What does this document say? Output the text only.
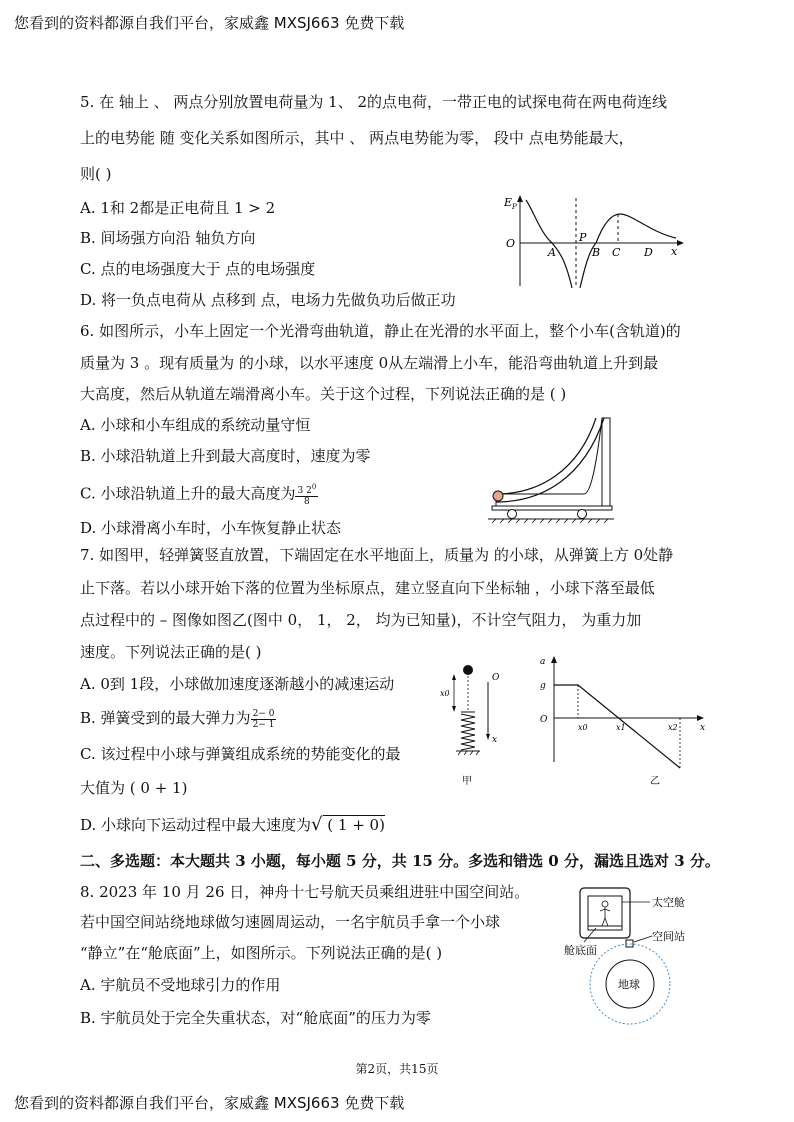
您看到的资料都源自我们平台，家威鑫 MXSJ663 免费下载
5. 在 轴上 、 两点分别放置电荷量为 1、 2的点电荷，一带正电的试探电荷在两电荷连线
上的电势能 随 变化关系如图所示，其中 、 两点电势能为零， 段中 点电势能最大，
则( )
A. 1和 2都是正电荷且 1 > 2
B. 间场强方向沿 轴负方向
C. 点的电场强度大于 点的电场强度
D. 将一负点电荷从 点移到 点，电场力先做负功后做正功
$E_P$
O
A
P
B C D x
6. 如图所示，小车上固定一个光滑弯曲轨道，静止在光滑的水平面上，整个小车(含轨道)的
质量为 3 。现有质量为 的小球，以水平速度 0从左端滑上小车，能沿弯曲轨道上升到最
大高度，然后从轨道左端滑离小车。关于这个过程，下列说法正确的是 ( )
A. 小球和小车组成的系统动量守恒
B. 小球沿轨道上升到最大高度时，速度为零
C. 小球沿轨道上升的最大高度为 $\frac{3 2^0}{8}$
D. 小球滑离小车时，小车恢复静止状态
7. 如图甲，轻弹簧竖直放置，下端固定在水平地面上，质量为 的小球，从弹簧上方 0处静
止下落。若以小球开始下落的位置为坐标原点，建立竖直向下坐标轴 ，小球下落至最低
点过程中的 – 图像如图乙(图中 0， 1， 2， 均为已知量)，不计空气阻力， 为重力加
速度。下列说法正确的是( )
A. 0到 1段，小球做加速度逐渐越小的减速运动
B. 弹簧受到的最大弹力为 $\frac{2- 0}{2- 1}$
C. 该过程中小球与弹簧组成系统的势能变化的最
大值为 ( 0 + 1)
D. 小球向下运动过程中最大速度为√ ( 1 + 0)
x0
O
x
甲
a
g
O
x0	x1	x2 x
乙
二、多选题：本大题共 3 小题，每小题 5 分，共 15 分。多选和错选 0 分，漏选且选对 3 分。
8. 2023 年 10 月 26 日，神舟十七号航天员乘组进驻中国空间站。
若中国空间站绕地球做匀速圆周运动，一名宇航员手拿一个小球
“静立”在“舱底面”上，如图所示。下列说法正确的是( )
A. 宇航员不受地球引力的作用
B. 宇航员处于完全失重状态，对“舱底面”的压力为零
太空舱
舱底面
空间站
地球
第2页，共15页
您看到的资料都源自我们平台，家威鑫 MXSJ663 免费下载
